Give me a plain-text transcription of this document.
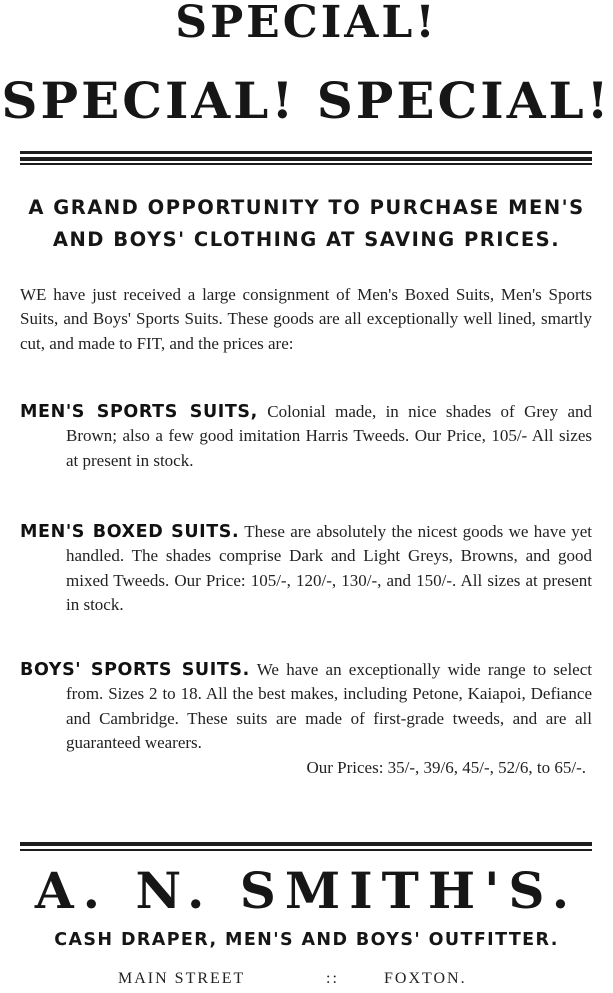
SPECIAL!
SPECIAL! SPECIAL!
A GRAND OPPORTUNITY TO PURCHASE MEN'S
AND BOYS' CLOTHING AT SAVING PRICES.
WE have just received a large consignment of Men's Boxed Suits, Men's Sports Suits, and Boys' Sports Suits. These goods are all exceptionally well lined, smartly cut, and made to FIT, and the prices are:
MEN'S SPORTS SUITS, Colonial made, in nice shades of Grey and Brown; also a few good imitation Harris Tweeds. Our Price, 105/- All sizes at present in stock.
MEN'S BOXED SUITS. These are absolutely the nicest goods we have yet handled. The shades comprise Dark and Light Greys, Browns, and good mixed Tweeds. Our Price: 105/-, 120/-, 130/-, and 150/-. All sizes at present in stock.
BOYS' SPORTS SUITS. We have an exceptionally wide range to select from. Sizes 2 to 18. All the best makes, including Petone, Kaiapoi, Defiance and Cambridge. These suits are made of first-grade tweeds, and are all guaranteed wearers.
Our Prices: 35/-, 39/6, 45/-, 52/6, to 65/-.
A. N. SMITH'S.
CASH DRAPER, MEN'S AND BOYS' OUTFITTER.
MAIN STREET	::	FOXTON.
